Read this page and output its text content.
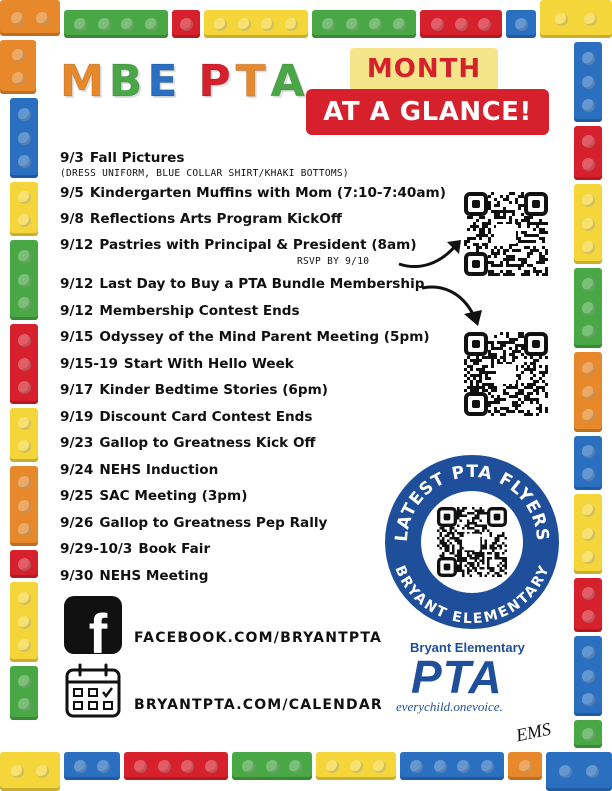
M B E P T A	MONTH
AT A GLANCE!
9/3 Fall Pictures
(DRESS UNIFORM, BLUE COLLAR SHIRT/KHAKI BOTTOMS)
9/5 Kindergarten Muffins with Mom (7:10-7:40am)
9/8 Reflections Arts Program KickOff
9/12 Pastries with Principal & President (8am)
RSVP BY 9/10
9/12 Last Day to Buy a PTA Bundle Membership
9/12 Membership Contest Ends
9/15 Odyssey of the Mind Parent Meeting (5pm)
9/15-19 Start With Hello Week
9/17 Kinder Bedtime Stories (6pm)
9/19 Discount Card Contest Ends
9/23 Gallop to Greatness Kick Off
9/24 NEHS Induction
9/25 SAC Meeting (3pm)
9/26 Gallop to Greatness Pep Rally
9/29-10/3 Book Fair
9/30 NEHS Meeting
LATEST PTA FLYERS
BRYANT ELEMENTARY
f FACEBOOK.COM/BRYANTPTA
BRYANTPTA.COM/CALENDAR
Bryant Elementary
PTA
everychild.onevoice.
EMS
